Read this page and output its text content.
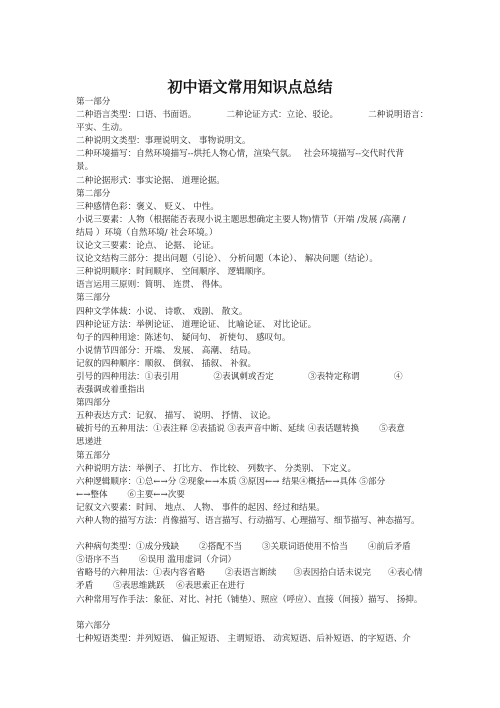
初中语文常用知识点总结
第一部分
二种语言类型：口语、书面语。　　　　二种论证方式：立论、驳论。　　　　二种说明语言：
平实、生动。
二种说明文类型：事理说明文、 事物说明文。
二种环境描写：自然环境描写--烘托人物心情，渲染气氛。　 社会环境描写--交代时代背
景。
二种论据形式：事实论据、 道理论据。
第二部分
三种感情色彩：褒义、 贬义、 中性。
小说三要素：人物（根据能否表现小说主题思想确定主要人物)情节（开端 /发展 /高潮 /
结局 ）环境（自然环境/ 社会环境。）
议论文三要素：论点、 论据、 论证。
议论文结构三部分：提出问题（引论）、 分析问题（本论）、 解决问题（结论）。
三种说明顺序：时间顺序、 空间顺序、 逻辑顺序。
语言运用三原则：简明、 连贯、 得体。
第三部分
四种文学体裁：小说、 诗歌、 戏剧、 散文。
四种论证方法：举例论证、 道理论证、 比喻论证、 对比论证。
句子的四种用途：陈述句、 疑问句、 祈使句、 感叹句。
小说情节四部分：开端、 发展、 高潮、 结局。
记叙的四种顺序：顺叙、 倒叙、 插叙、 补叙。
引号的四种用法：①表引用　　　　②表讽刺或否定　　　　③表特定称谓　　　　④
表强调或着重指出
第四部分
五种表达方式：记叙、 描写、 说明、 抒情、 议论。
破折号的五种用法：①表注释 ②表插说 ③表声音中断、延续 ④表话题转换　　 ⑤表意
思递进
第五部分
六种说明方法：举例子、 打比方、 作比较、 列数字、 分类别、 下定义。
六种逻辑顺序：①总←→分 ②现象←→本质 ③原因←→ 结果④概括←→具体 ⑤部分
←→整体　　 ⑥主要←→次要
记叙文六要素：时间、 地点、 人物、 事件的起因、经过和结果。
六种人物的描写方法：肖像描写、语言描写、行动描写、心理描写、细节描写、神态描写。
六种病句类型：①成分残缺　　 ②搭配不当　　 ③关联词语使用不恰当　　 ④前后矛盾
⑤语序不当　　 ⑥误用 滥用虚词（介词）
省略号的六种用法：①表内容省略　　 ②表语言断续　　③表因拾白话未说完　　④表心情
矛盾　　 ⑤表思维跳跃　 ⑥表思索正在进行
六种常用写作手法：象征、对比、衬托（铺垫）、照应（呼应）、直接（间接）描写、 扬抑。
第六部分
七种短语类型：并列短语、 偏正短语、 主谓短语、 动宾短语、后补短语、的字短语、介
